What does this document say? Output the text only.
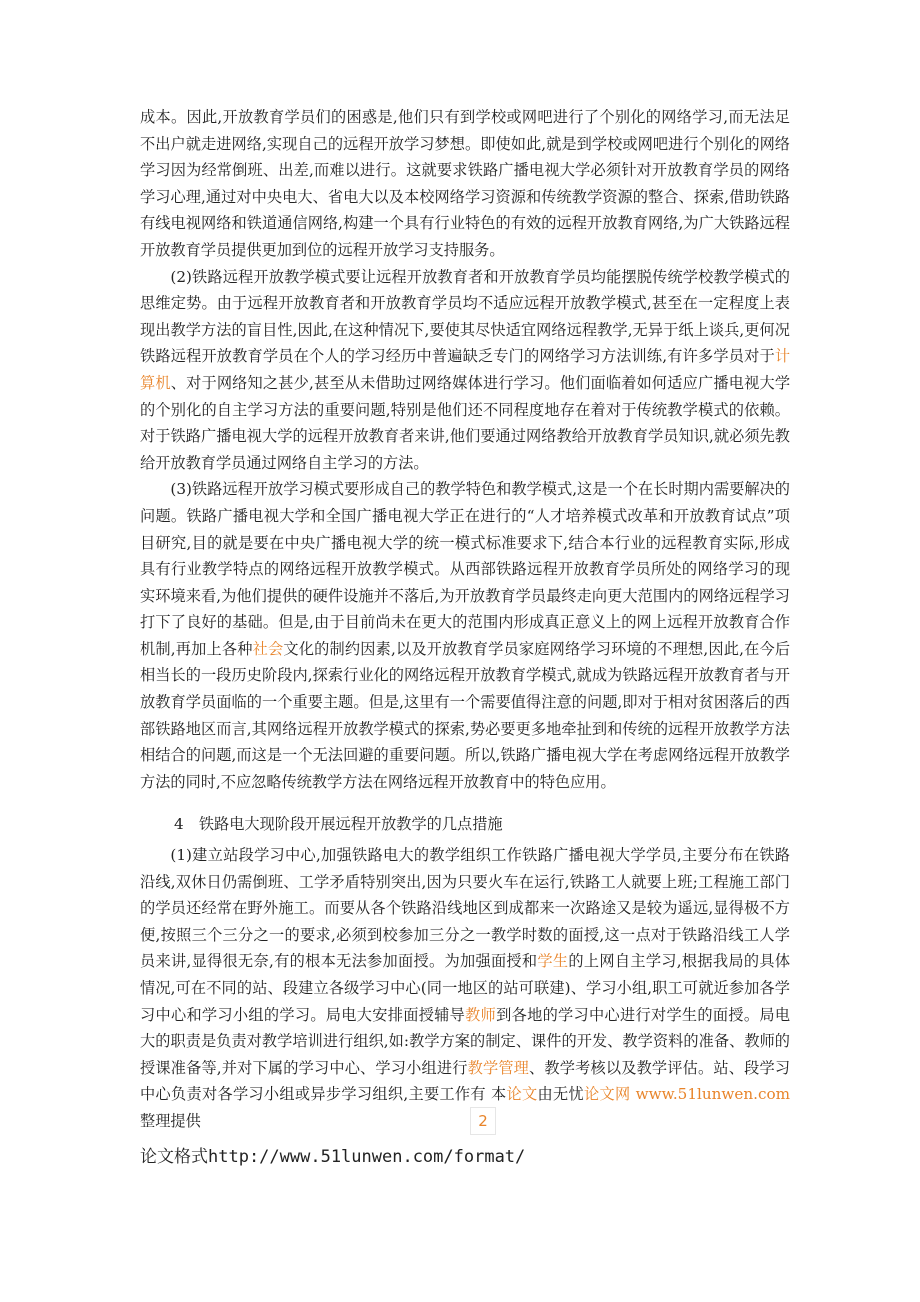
成本。因此,开放教育学员们的困惑是,他们只有到学校或网吧进行了个别化的网络学习,而无法足不出户就走进网络,实现自己的远程开放学习梦想。即使如此,就是到学校或网吧进行个别化的网络学习因为经常倒班、出差,而难以进行。这就要求铁路广播电视大学必须针对开放教育学员的网络学习心理,通过对中央电大、省电大以及本校网络学习资源和传统教学资源的整合、探索,借助铁路有线电视网络和铁道通信网络,构建一个具有行业特色的有效的远程开放教育网络,为广大铁路远程开放教育学员提供更加到位的远程开放学习支持服务。

(2)铁路远程开放教学模式要让远程开放教育者和开放教育学员均能摆脱传统学校教学模式的思维定势。由于远程开放教育者和开放教育学员均不适应远程开放教学模式,甚至在一定程度上表现出教学方法的盲目性,因此,在这种情况下,要使其尽快适宜网络远程教学,无异于纸上谈兵,更何况铁路远程开放教育学员在个人的学习经历中普遍缺乏专门的网络学习方法训练,有许多学员对于计算机、对于网络知之甚少,甚至从未借助过网络媒体进行学习。他们面临着如何适应广播电视大学的个别化的自主学习方法的重要问题,特别是他们还不同程度地存在着对于传统教学模式的依赖。对于铁路广播电视大学的远程开放教育者来讲,他们要通过网络教给开放教育学员知识,就必须先教给开放教育学员通过网络自主学习的方法。

(3)铁路远程开放学习模式要形成自己的教学特色和教学模式,这是一个在长时期内需要解决的问题。铁路广播电视大学和全国广播电视大学正在进行的“人才培养模式改革和开放教育试点”项目研究,目的就是要在中央广播电视大学的统一模式标准要求下,结合本行业的远程教育实际,形成具有行业教学特点的网络远程开放教学模式。从西部铁路远程开放教育学员所处的网络学习的现实环境来看,为他们提供的硬件设施并不落后,为开放教育学员最终走向更大范围内的网络远程学习打下了良好的基础。但是,由于目前尚未在更大的范围内形成真正意义上的网上远程开放教育合作机制,再加上各种社会文化的制约因素,以及开放教育学员家庭网络学习环境的不理想,因此,在今后相当长的一段历史阶段内,探索行业化的网络远程开放教育学模式,就成为铁路远程开放教育者与开放教育学员面临的一个重要主题。但是,这里有一个需要值得注意的问题,即对于相对贫困落后的西部铁路地区而言,其网络远程开放教学模式的探索,势必要更多地牵扯到和传统的远程开放教学方法相结合的问题,而这是一个无法回避的重要问题。所以,铁路广播电视大学在考虑网络远程开放教学方法的同时,不应忽略传统教学方法在网络远程开放教育中的特色应用。

4　铁路电大现阶段开展远程开放教学的几点措施

(1)建立站段学习中心,加强铁路电大的教学组织工作铁路广播电视大学学员,主要分布在铁路沿线,双休日仍需倒班、工学矛盾特别突出,因为只要火车在运行,铁路工人就要上班;工程施工部门的学员还经常在野外施工。而要从各个铁路沿线地区到成都来一次路途又是较为遥远,显得极不方便,按照三个三分之一的要求,必须到校参加三分之一教学时数的面授,这一点对于铁路沿线工人学员来讲,显得很无奈,有的根本无法参加面授。为加强面授和学生的上网自主学习,根据我局的具体情况,可在不同的站、段建立各级学习中心(同一地区的站可联建)、学习小组,职工可就近参加各学习中心和学习小组的学习。局电大安排面授辅导教师到各地的学习中心进行对学生的面授。局电大的职责是负责对教学培训进行组织,如:教学方案的制定、课件的开发、教学资料的准备、教师的授课准备等,并对下属的学习中心、学习小组进行教学管理、教学考核以及教学评估。站、段学习中心负责对各学习小组或异步学习组织,主要工作有 本论文由无忧论文网 www.51lunwen.com 整理提供	2
论文格式http://www.51lunwen.com/format/
